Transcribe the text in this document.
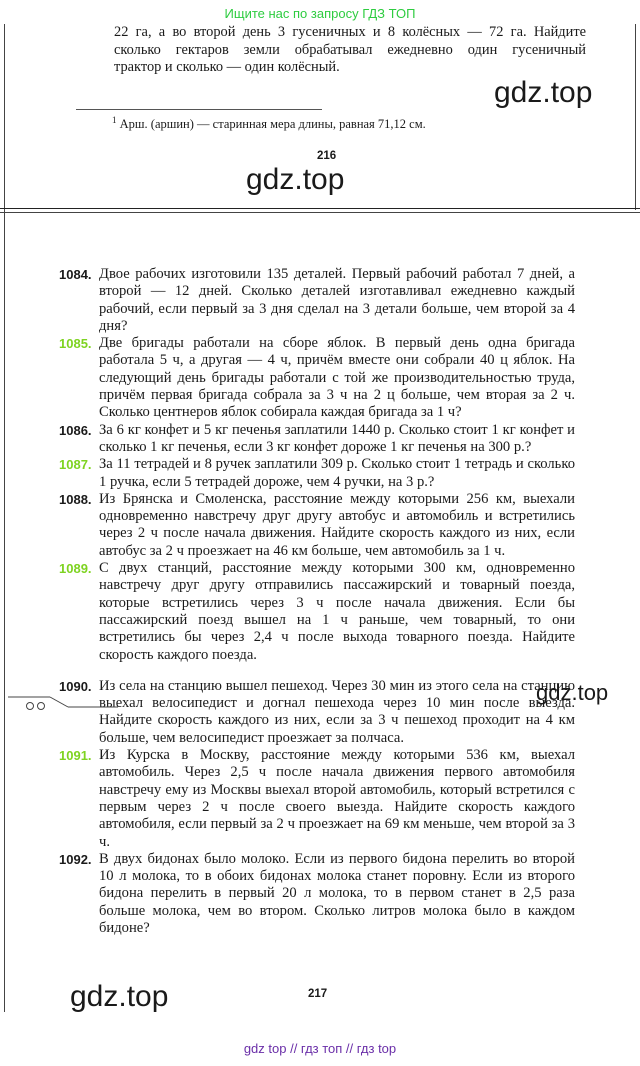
Ищите нас по запросу ГДЗ ТОП
22 га, а во второй день 3 гусеничных и 8 колёсных — 72 га. Найдите
сколько гектаров земли обрабатывал ежедневно один гусеничный
трактор и сколько — один колёсный.
$^1$ Арш. (аршин) — старинная мера длины, равная 71,12 см.
216
gdz.top
gdz.top
1084. Двое рабочих изготовили 135 деталей. Первый рабочий работал 7 дней, а второй — 12 дней. Сколько деталей изготавливал ежедневно каждый рабочий, если первый за 3 дня сделал на 3 детали больше, чем второй за 4 дня?
1085. Две бригады работали на сборе яблок. В первый день одна бригада работала 5 ч, а другая — 4 ч, причём вместе они собрали 40 ц яблок. На следующий день бригады работали с той же производительностью труда, причём первая бригада собрала за 3 ч на 2 ц больше, чем вторая за 2 ч. Сколько центнеров яблок собирала каждая бригада за 1 ч?
1086. За 6 кг конфет и 5 кг печенья заплатили 1440 р. Сколько стоит 1 кг конфет и сколько 1 кг печенья, если 3 кг конфет дороже 1 кг печенья на 300 р.?
1087. За 11 тетрадей и 8 ручек заплатили 309 р. Сколько стоит 1 тетрадь и сколько 1 ручка, если 5 тетрадей дороже, чем 4 ручки, на 3 р.?
1088. Из Брянска и Смоленска, расстояние между которыми 256 км, выехали одновременно навстречу друг другу автобус и автомобиль и встретились через 2 ч после начала движения. Найдите скорость каждого из них, если автобус за 2 ч проезжает на 46 км больше, чем автомобиль за 1 ч.
1089. С двух станций, расстояние между которыми 300 км, одновременно навстречу друг другу отправились пассажирский и товарный поезда, которые встретились через 3 ч после начала движения. Если бы пассажирский поезд вышел на 1 ч раньше, чем товарный, то они встретились бы через 2,4 ч после выхода товарного поезда. Найдите скорость каждого поезда.
1090. Из села на станцию вышел пешеход. Через 30 мин из этого села на станцию выехал велосипедист и догнал пешехода через 10 мин после выезда. Найдите скорость каждого из них, если за 3 ч пешеход проходит на 4 км больше, чем велосипедист проезжает за полчаса.
1091. Из Курска в Москву, расстояние между которыми 536 км, выехал автомобиль. Через 2,5 ч после начала движения первого автомобиля навстречу ему из Москвы выехал второй автомобиль, который встретился с первым через 2 ч после своего выезда. Найдите скорость каждого автомобиля, если первый за 2 ч проезжает на 69 км меньше, чем второй за 3 ч.
1092. В двух бидонах было молоко. Если из первого бидона перелить во второй 10 л молока, то в обоих бидонах молока станет поровну. Если из второго бидона перелить в первый 20 л молока, то в первом станет в 2,5 раза больше молока, чем во втором. Сколько литров молока было в каждом бидоне?
gdz.top
gdz.top	217
gdz top // гдз топ // гдз top
